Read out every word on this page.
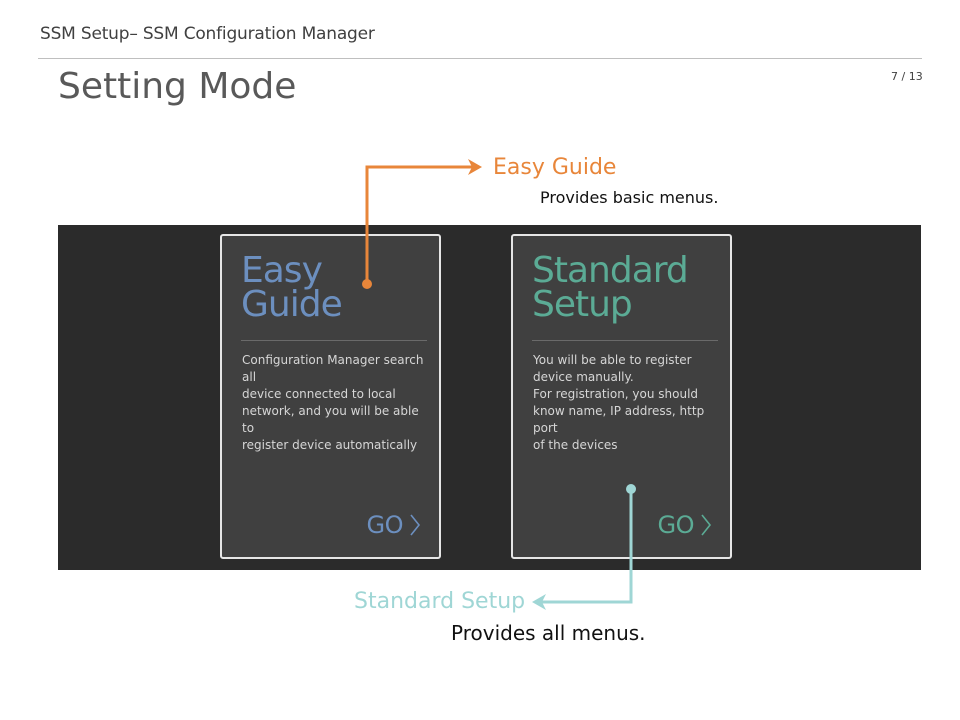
SSM Setup– SSM Configuration Manager
Setting Mode	7 / 13
Easy Guide
Provides basic menus.
Easy
Guide
Configuration Manager search all
device connected to local
network, and you will be able to
register device automatically
GO
Standard
Setup
You will be able to register
device manually.
For registration, you should
know name, IP address, http port
of the devices
GO
Standard Setup
Provides all menus.
